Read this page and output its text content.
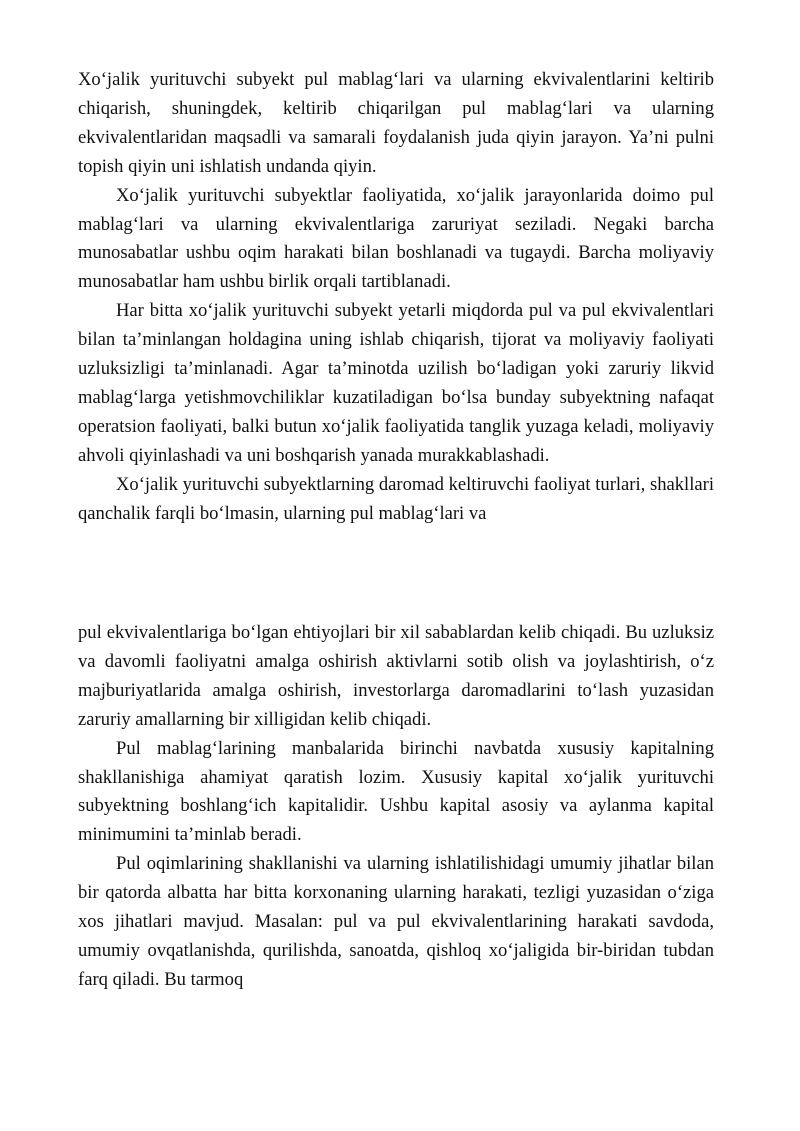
Xo‘jalik yurituvchi subyekt pul mablag‘lari va ularning ekvivalentlarini keltirib chiqarish, shuningdek, keltirib chiqarilgan pul mablag‘lari va ularning ekvivalentlaridan maqsadli va samarali foydalanish juda qiyin jarayon. Ya’ni pulni topish qiyin uni ishlatish undanda qiyin.

Xo‘jalik yurituvchi subyektlar faoliyatida, xo‘jalik jarayonlarida doimo pul mablag‘lari va ularning ekvivalentlariga zaruriyat seziladi. Negaki barcha munosabatlar ushbu oqim harakati bilan boshlanadi va tugaydi. Barcha moliyaviy munosabatlar ham ushbu birlik orqali tartiblanadi.

Har bitta xo‘jalik yurituvchi subyekt yetarli miqdorda pul va pul ekvivalentlari bilan ta’minlangan holdagina uning ishlab chiqarish, tijorat va moliyaviy faoliyati uzluksizligi ta’minlanadi. Agar ta’minotda uzilish bo‘ladigan yoki zaruriy likvid mablag‘larga yetishmovchiliklar kuzatiladigan bo‘lsa bunday subyektning nafaqat operatsion faoliyati, balki butun xo‘jalik faoliyatida tanglik yuzaga keladi, moliyaviy ahvoli qiyinlashadi va uni boshqarish yanada murakkablashadi.

Xo‘jalik yurituvchi subyektlarning daromad keltiruvchi faoliyat turlari, shakllari qanchalik farqli bo‘lmasin, ularning pul mablag‘lari va

pul ekvivalentlariga bo‘lgan ehtiyojlari bir xil sabablardan kelib chiqadi. Bu uzluksiz va davomli faoliyatni amalga oshirish aktivlarni sotib olish va joylashtirish, o‘z majburiyatlarida amalga oshirish, investorlarga daromadlarini to‘lash yuzasidan zaruriy amallarning bir xilligidan kelib chiqadi.

Pul mablag‘larining manbalarida birinchi navbatda xususiy kapitalning shakllanishiga ahamiyat qaratish lozim. Xususiy kapital xo‘jalik yurituvchi subyektning boshlang‘ich kapitalidir. Ushbu kapital asosiy va aylanma kapital minimumini ta’minlab beradi.

Pul oqimlarining shakllanishi va ularning ishlatilishidagi umumiy jihatlar bilan bir qatorda albatta har bitta korxonaning ularning harakati, tezligi yuzasidan o‘ziga xos jihatlari mavjud. Masalan: pul va pul ekvivalentlarining harakati savdoda, umumiy ovqatlanishda, qurilishda, sanoatda, qishloq xo‘jaligida bir-biridan tubdan farq qiladi. Bu tarmoq
